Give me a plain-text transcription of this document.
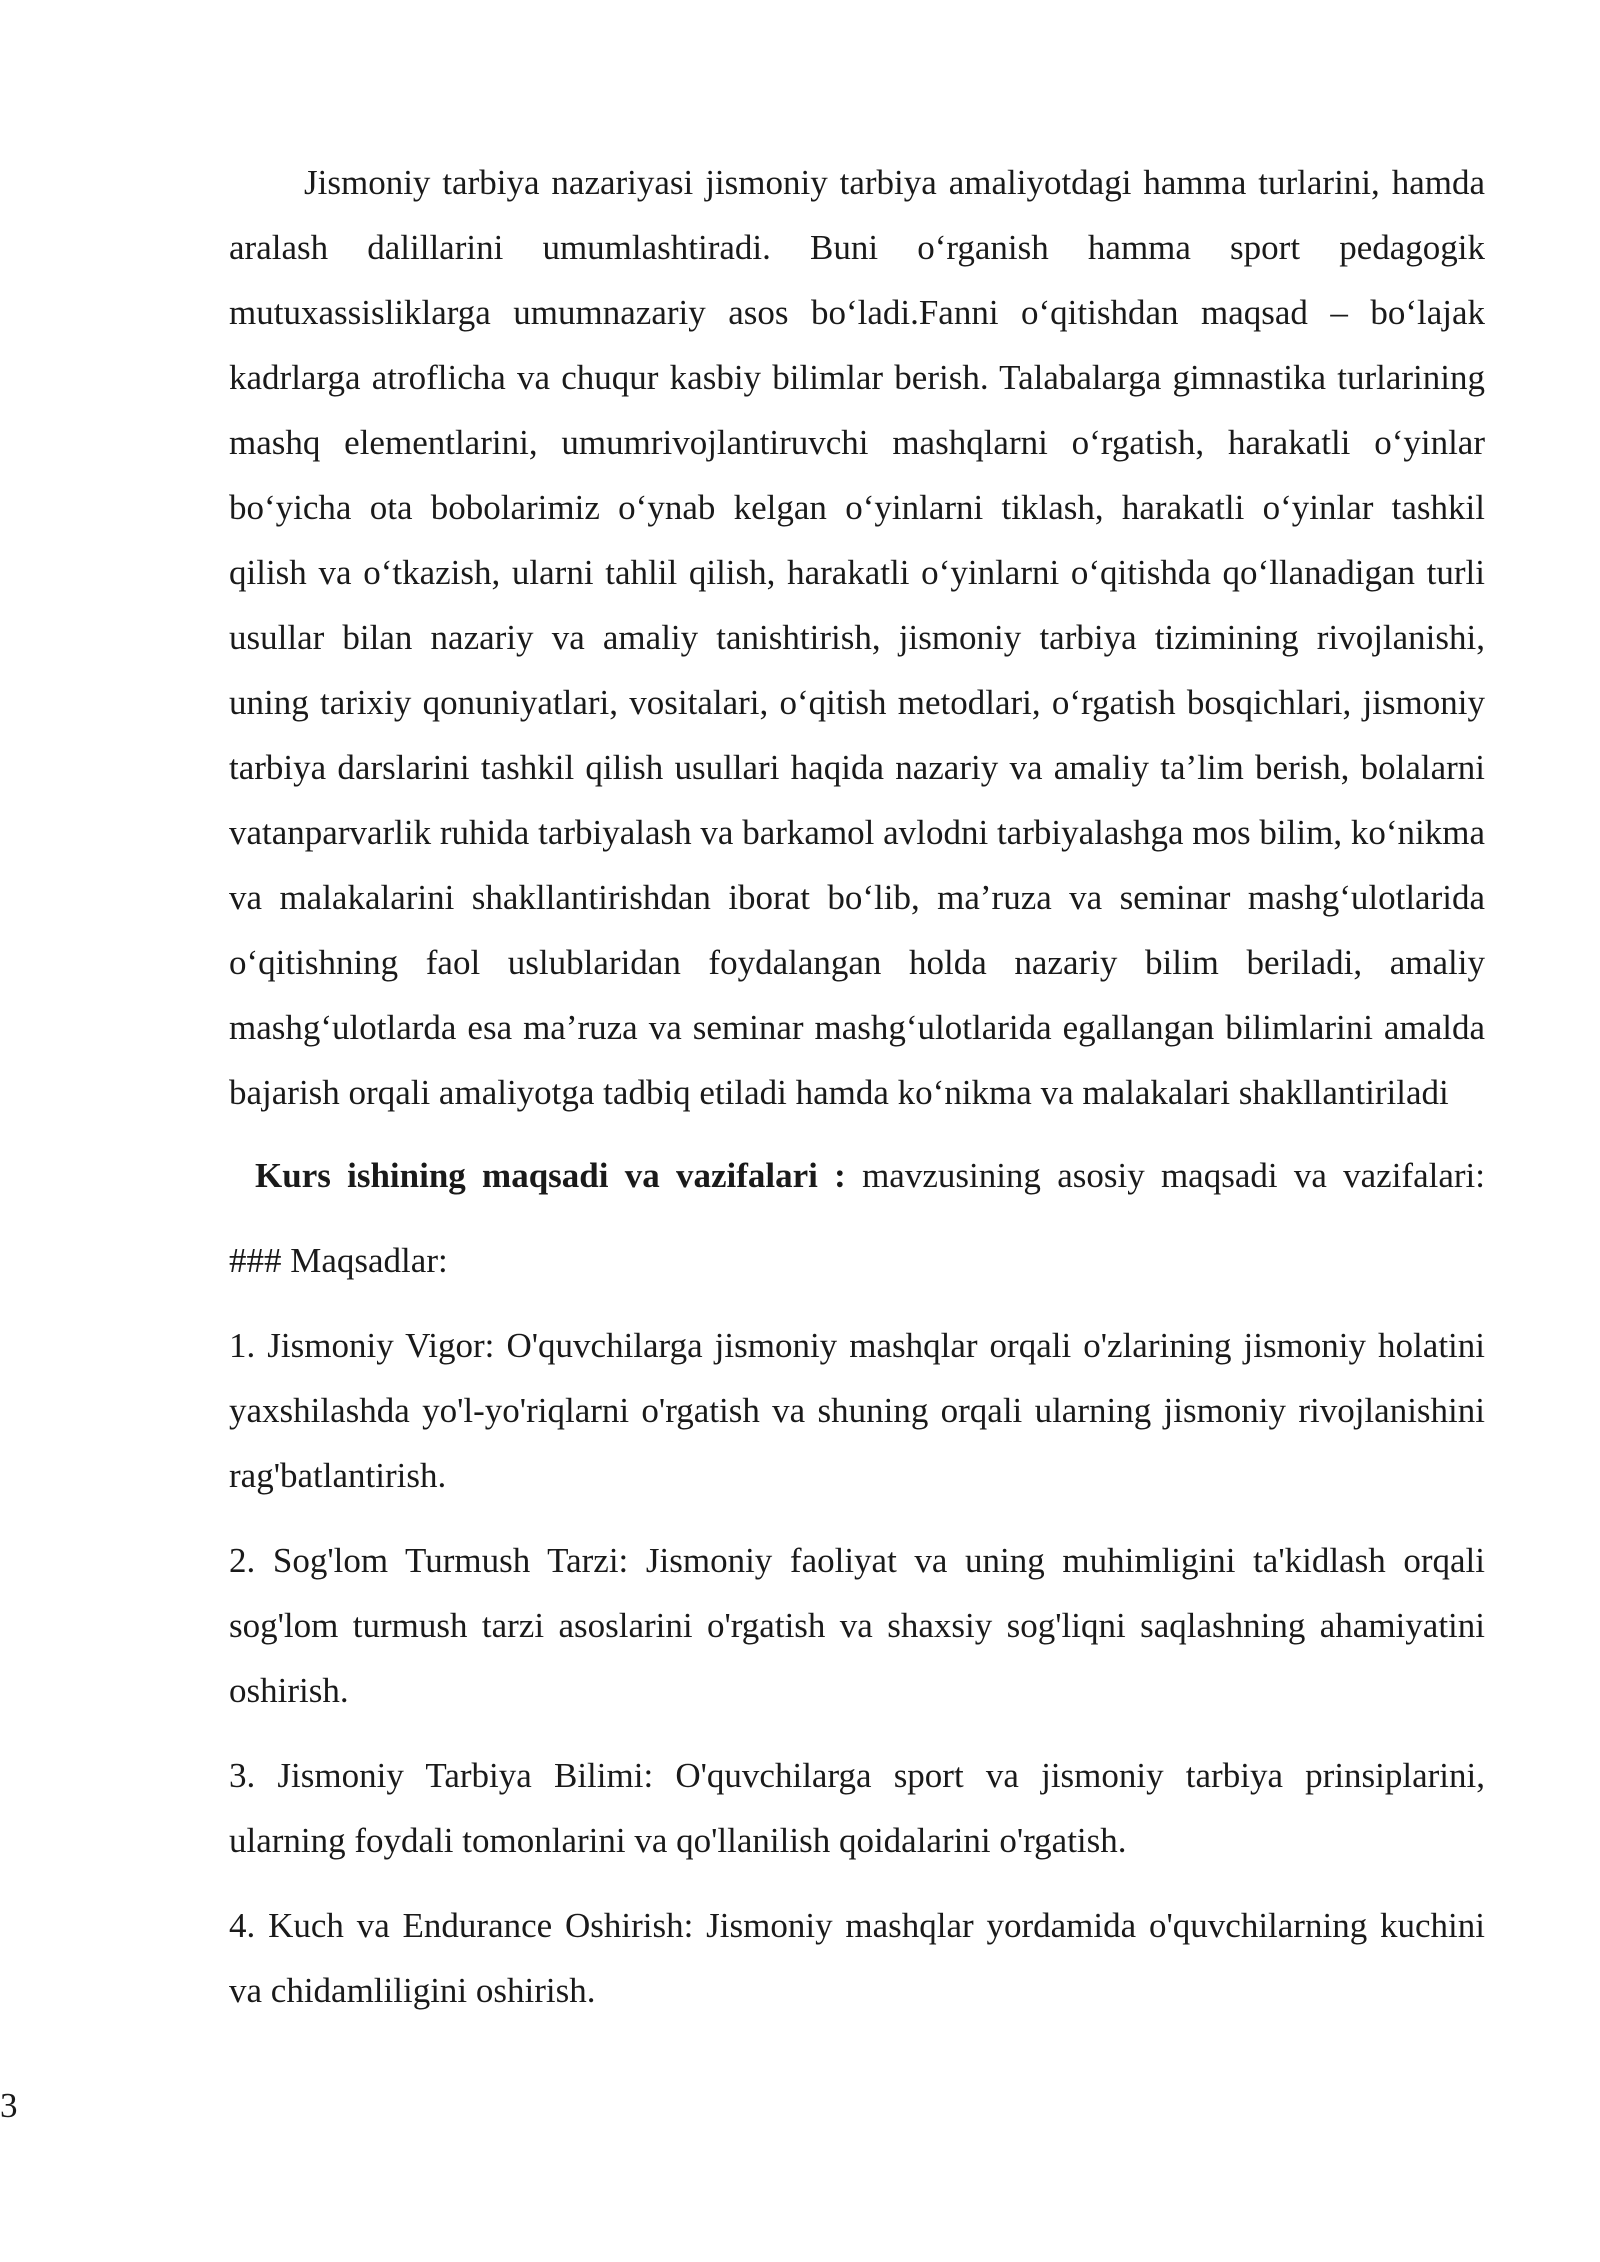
Jismoniy tarbiya nazariyasi jismoniy tarbiya amaliyotdagi hamma turlarini, hamda aralash dalillarini umumlashtiradi. Buni oʻrganish hamma sport pedagogik mutuxassisliklarga umumnazariy asos boʻladi.Fanni oʻqitishdan maqsad – boʻlajak kadrlarga atroflicha va chuqur kasbiy bilimlar berish. Talabalarga gimnastika turlarining mashq elementlarini, umumrivojlantiruvchi mashqlarni oʻrgatish, harakatli oʻyinlar boʻyicha ota bobolarimiz oʻynab kelgan oʻyinlarni tiklash, harakatli oʻyinlar tashkil qilish va oʻtkazish, ularni tahlil qilish, harakatli oʻyinlarni oʻqitishda qoʻllanadigan turli usullar bilan nazariy va amaliy tanishtirish, jismoniy tarbiya tizimining rivojlanishi, uning tarixiy qonuniyatlari, vositalari, oʻqitish metodlari, oʻrgatish bosqichlari, jismoniy tarbiya darslarini tashkil qilish usullari haqida nazariy va amaliy ta’lim berish, bolalarni vatanparvarlik ruhida tarbiyalash va barkamol avlodni tarbiyalashga mos bilim, koʻnikma va malakalarini shakllantirishdan iborat boʻlib, ma’ruza va seminar mashgʻulotlarida oʻqitishning faol uslublaridan foydalangan holda nazariy bilim beriladi, amaliy mashgʻulotlarda esa ma’ruza va seminar mashgʻulotlarida egallangan bilimlarini amalda bajarish orqali amaliyotga tadbiq etiladi hamda koʻnikma va malakalari shakllantiriladi

Kurs ishining maqsadi va vazifalari : mavzusining asosiy maqsadi va vazifalari:

### Maqsadlar:

1. Jismoniy Vigor: O'quvchilarga jismoniy mashqlar orqali o'zlarining jismoniy holatini yaxshilashda yo'l-yo'riqlarni o'rgatish va shuning orqali ularning jismoniy rivojlanishini rag'batlantirish.

2. Sog'lom Turmush Tarzi: Jismoniy faoliyat va uning muhimligini ta'kidlash orqali sog'lom turmush tarzi asoslarini o'rgatish va shaxsiy sog'liqni saqlashning ahamiyatini oshirish.

3. Jismoniy Tarbiya Bilimi: O'quvchilarga sport va jismoniy tarbiya prinsiplarini, ularning foydali tomonlarini va qo'llanilish qoidalarini o'rgatish.

4. Kuch va Endurance Oshirish: Jismoniy mashqlar yordamida o'quvchilarning kuchini va chidamliligini oshirish.

3
